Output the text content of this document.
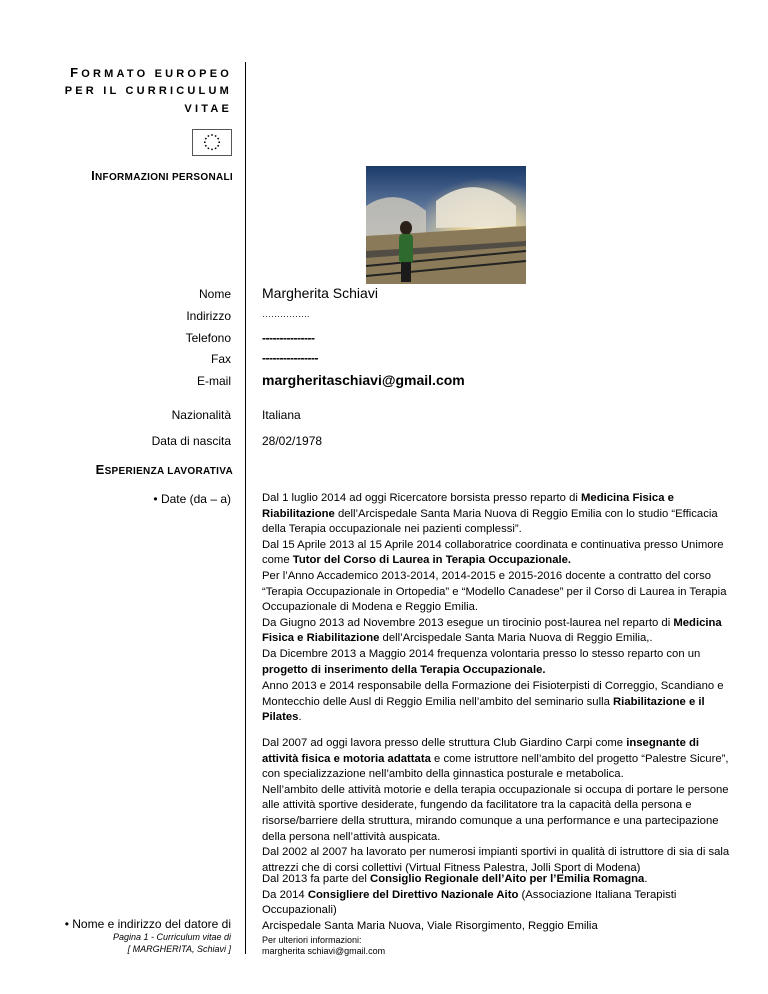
FORMATO EUROPEO
PER IL CURRICULUM
VITAE
INFORMAZIONI PERSONALI
Nome Margherita Schiavi
Indirizzo	…………….
Telefono	---------------
Fax	----------------
E-mail margheritaschiavi@gmail.com
Nazionalità	Italiana
Data di nascita	28/02/1978
ESPERIENZA LAVORATIVA
• Date (da – a)	Dal 1 luglio 2014 ad oggi Ricercatore borsista presso reparto di Medicina Fisica e Riabilitazione dell’Arcispedale Santa Maria Nuova di Reggio Emilia con lo studio “Efficacia della Terapia occupazionale nei pazienti complessi”.

Dal 15 Aprile 2013 al 15 Aprile 2014 collaboratrice coordinata e continuativa presso Unimore come Tutor del Corso di Laurea in Terapia Occupazionale.

Per l’Anno Accademico 2013-2014, 2014-2015 e 2015-2016 docente a contratto del corso “Terapia Occupazionale in Ortopedia” e “Modello Canadese” per il Corso di Laurea in Terapia Occupazionale di Modena e Reggio Emilia.

Da Giugno 2013 ad Novembre 2013 esegue un tirocinio post-laurea nel reparto di Medicina Fisica e Riabilitazione dell’Arcispedale Santa Maria Nuova di Reggio Emilia,.

Da Dicembre 2013 a Maggio 2014 frequenza volontaria presso lo stesso reparto con un progetto di inserimento della Terapia Occupazionale.

Anno 2013 e 2014 responsabile della Formazione dei Fisioterpisti di Correggio, Scandiano e Montecchio delle Ausl di Reggio Emilia nell’ambito del seminario sulla Riabilitazione e il Pilates.

Dal 2007 ad oggi lavora presso delle struttura Club Giardino Carpi come insegnante di attività fisica e motoria adattata e come istruttore nell’ambito del progetto “Palestre Sicure”, con specializzazione nell’ambito della ginnastica posturale e metabolica.

Nell’ambito delle attività motorie e della terapia occupazionale si occupa di portare le persone alle attività sportive desiderate, fungendo da facilitatore tra la capacità della persona e risorse/barriere della struttura, mirando comunque a una performance e una partecipazione della persona nell’attività auspicata.

Dal 2002 al 2007 ha lavorato per numerosi impianti sportivi in qualità di istruttore di sia di sala attrezzi che di corsi collettivi (Virtual Fitness Palestra, Jolli Sport di Modena)

Dal 2013 fa parte del Consiglio Regionale dell’Aito per l’Emilia Romagna.

Da 2014 Consigliere del Direttivo Nazionale Aito (Associazione Italiana Terapisti Occupazionali)

Arcispedale Santa Maria Nuova, Viale Risorgimento, Reggio Emilia

• Nome e indirizzo del datore di
Pagina 1 - Curriculum vitae di
[ MARGHERITA, Schiavi ]
Per ulteriori informazioni:
margherita schiavi@gmail.com
